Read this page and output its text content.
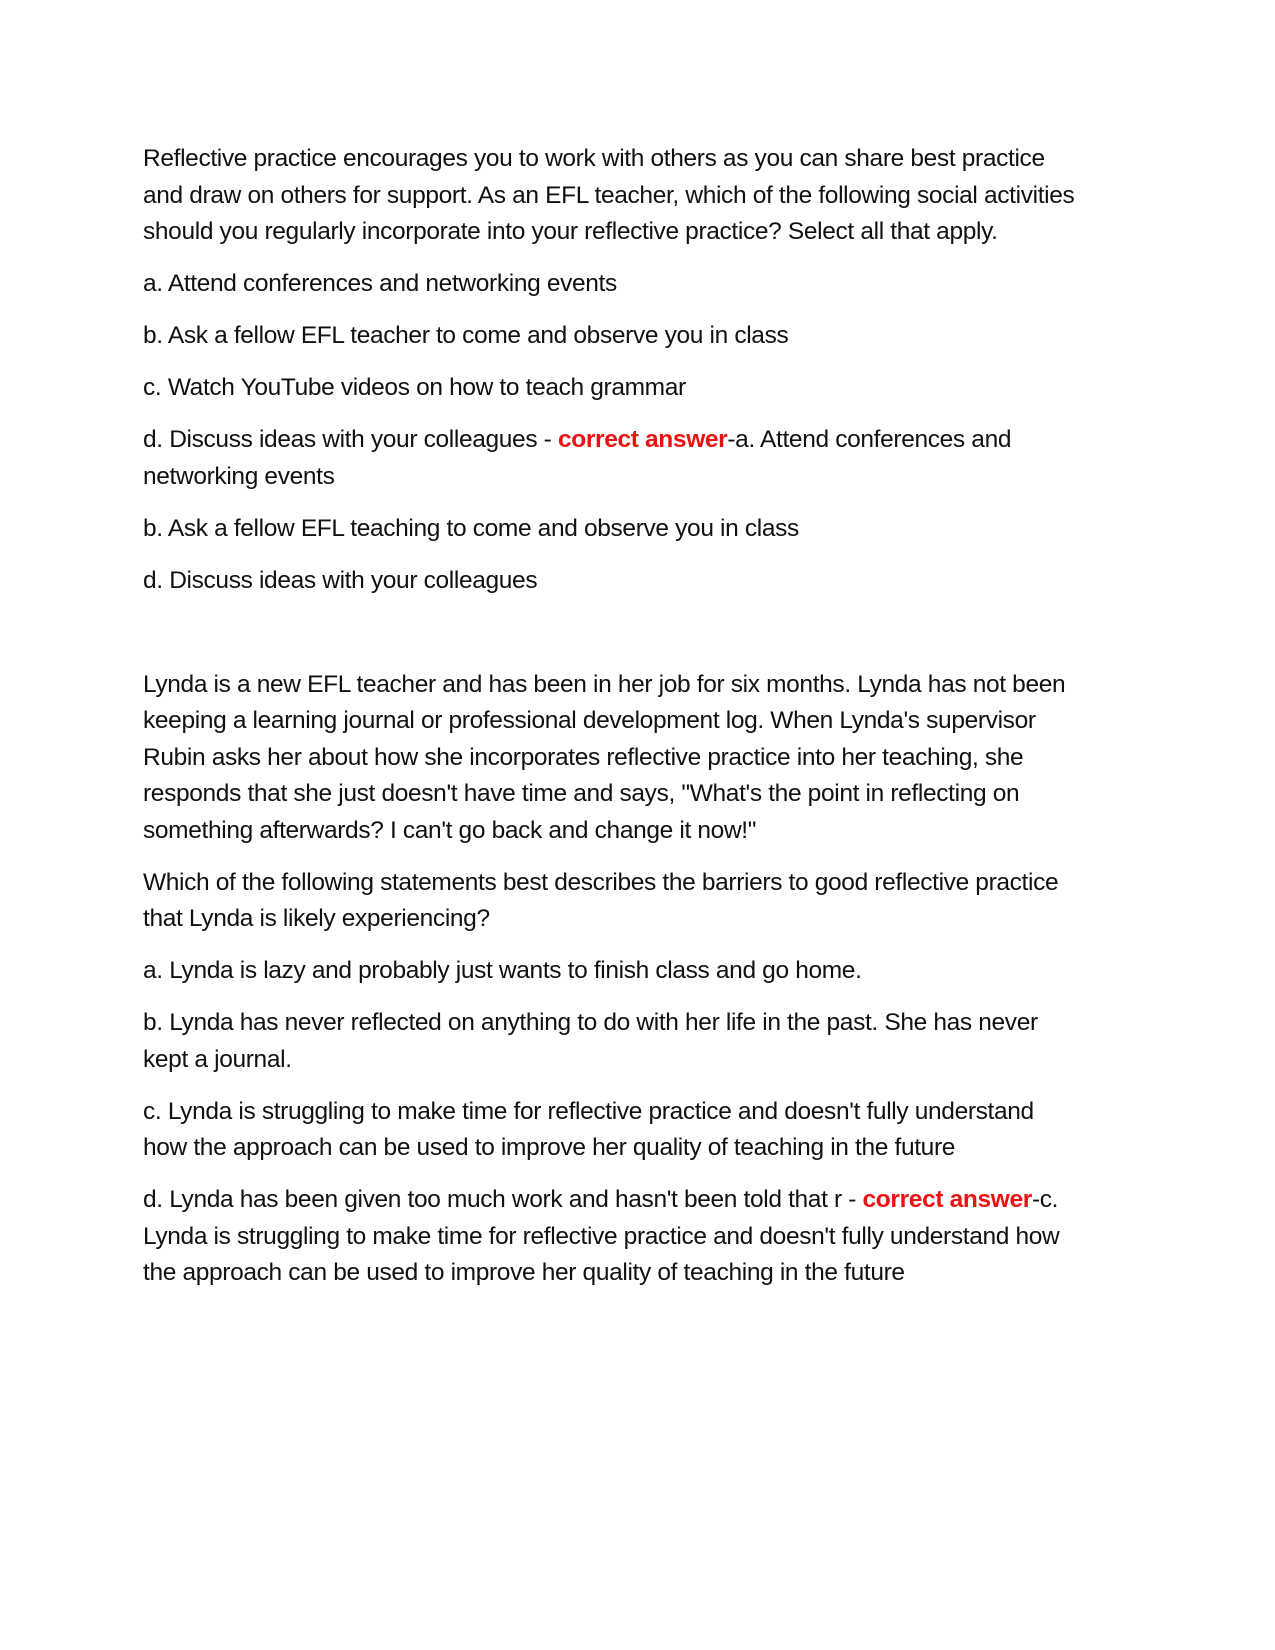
Reflective practice encourages you to work with others as you can share best practice and draw on others for support. As an EFL teacher, which of the following social activities should you regularly incorporate into your reflective practice? Select all that apply.

a. Attend conferences and networking events

b. Ask a fellow EFL teacher to come and observe you in class

c. Watch YouTube videos on how to teach grammar

d. Discuss ideas with your colleagues - correct answer-a. Attend conferences and networking events

b. Ask a fellow EFL teaching to come and observe you in class

d. Discuss ideas with your colleagues

Lynda is a new EFL teacher and has been in her job for six months. Lynda has not been keeping a learning journal or professional development log. When Lynda's supervisor Rubin asks her about how she incorporates reflective practice into her teaching, she responds that she just doesn't have time and says, "What's the point in reflecting on something afterwards? I can't go back and change it now!"

Which of the following statements best describes the barriers to good reflective practice that Lynda is likely experiencing?

a. Lynda is lazy and probably just wants to finish class and go home.

b. Lynda has never reflected on anything to do with her life in the past. She has never kept a journal.

c. Lynda is struggling to make time for reflective practice and doesn't fully understand how the approach can be used to improve her quality of teaching in the future

d. Lynda has been given too much work and hasn't been told that r - correct answer-c. Lynda is struggling to make time for reflective practice and doesn't fully understand how the approach can be used to improve her quality of teaching in the future
